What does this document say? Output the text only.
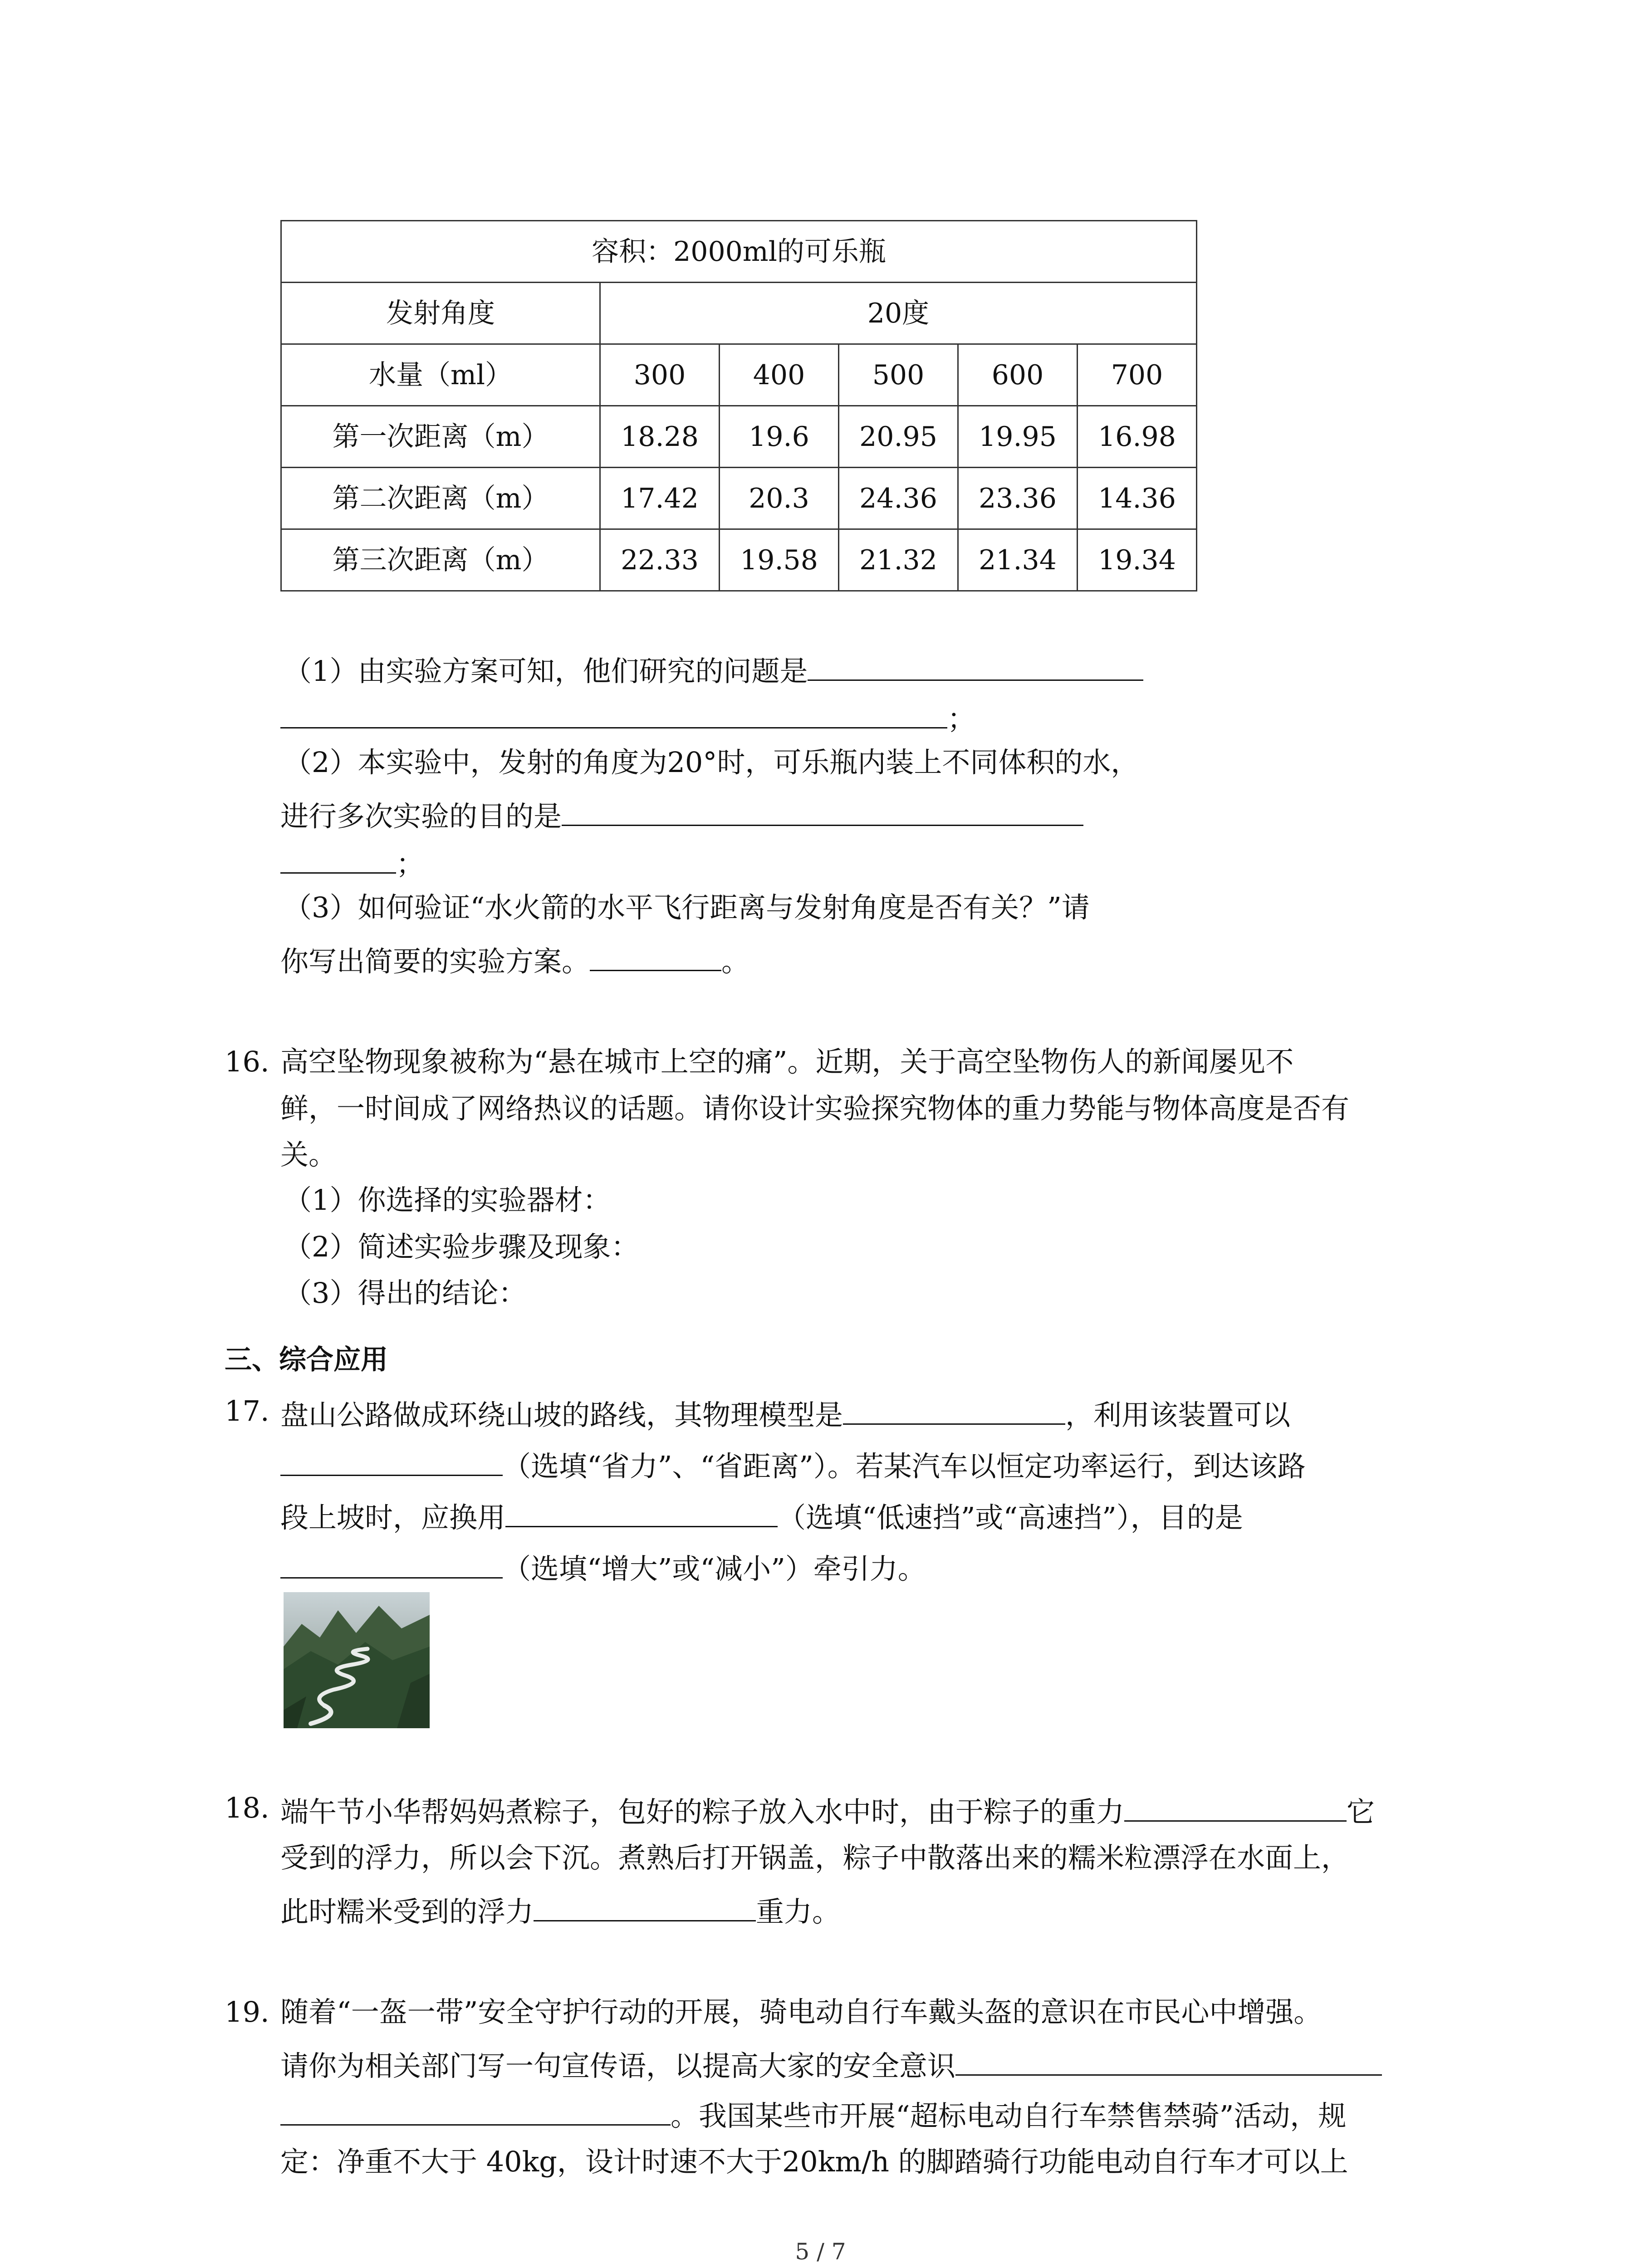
容积：2000ml的可乐瓶					
发射角度	20度				
水量（ml）	300	400	500	600	700
第一次距离（m）	18.28	19.6	20.95	19.95	16.98
第二次距离（m）	17.42	20.3	24.36	23.36	14.36
第三次距离（m）	22.33	19.58	21.32	21.34	19.34
（1）由实验方案可知，他们研究的问题是
；
（2）本实验中，发射的角度为20°时，可乐瓶内装上不同体积的水，
进行多次实验的目的是
；
（3）如何验证“水火箭的水平飞行距离与发射角度是否有关？”请
你写出简要的实验方案。	。
16. 高空坠物现象被称为“悬在城市上空的痛”。近期，关于高空坠物伤人的新闻屡见不
鲜，一时间成了网络热议的话题。请你设计实验探究物体的重力势能与物体高度是否有
关。
（1）你选择的实验器材：
（2）简述实验步骤及现象：
（3）得出的结论：
三、综合应用
17. 盘山公路做成环绕山坡的路线，其物理模型是	，利用该装置可以
（选填“省力”、“省距离”）。若某汽车以恒定功率运行，到达该路
段上坡时，应换用	（选填“低速挡”或“高速挡”），目的是
（选填“增大”或“减小”）牵引力。
18. 端午节小华帮妈妈煮粽子，包好的粽子放入水中时，由于粽子的重力	它
受到的浮力，所以会下沉。煮熟后打开锅盖，粽子中散落出来的糯米粒漂浮在水面上，
此时糯米受到的浮力	重力。
19. 随着“一盔一带”安全守护行动的开展，骑电动自行车戴头盔的意识在市民心中增强。
请你为相关部门写一句宣传语，以提高大家的安全意识
。我国某些市开展“超标电动自行车禁售禁骑”活动，规
定：净重不大于 40kg，设计时速不大于20km/h 的脚踏骑行功能电动自行车才可以上
5 / 7
